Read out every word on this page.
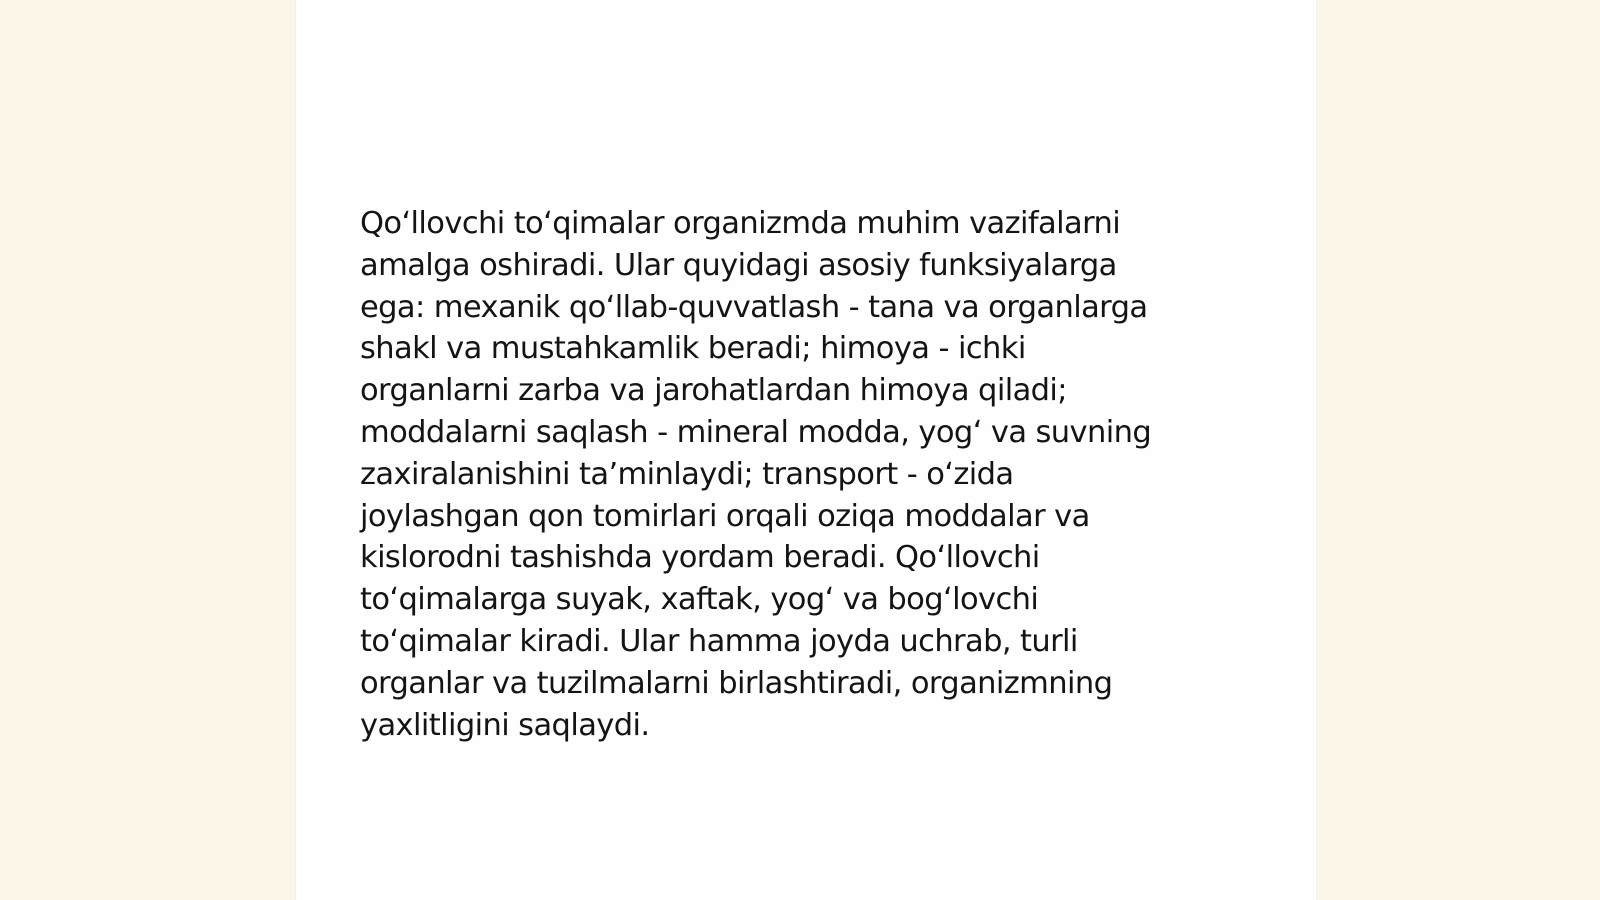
Qo‘llovchi to‘qimalar organizmda muhim vazifalarni
amalga oshiradi. Ular quyidagi asosiy funksiyalarga
ega: mexanik qo‘llab-quvvatlash - tana va organlarga
shakl va mustahkamlik beradi; himoya - ichki
organlarni zarba va jarohatlardan himoya qiladi;
moddalarni saqlash - mineral modda, yog‘ va suvning
zaxiralanishini ta’minlaydi; transport - o‘zida
joylashgan qon tomirlari orqali oziqa moddalar va
kislorodni tashishda yordam beradi. Qo‘llovchi
to‘qimalarga suyak, xaftak, yog‘ va bog‘lovchi
to‘qimalar kiradi. Ular hamma joyda uchrab, turli
organlar va tuzilmalarni birlashtiradi, organizmning
yaxlitligini saqlaydi.
